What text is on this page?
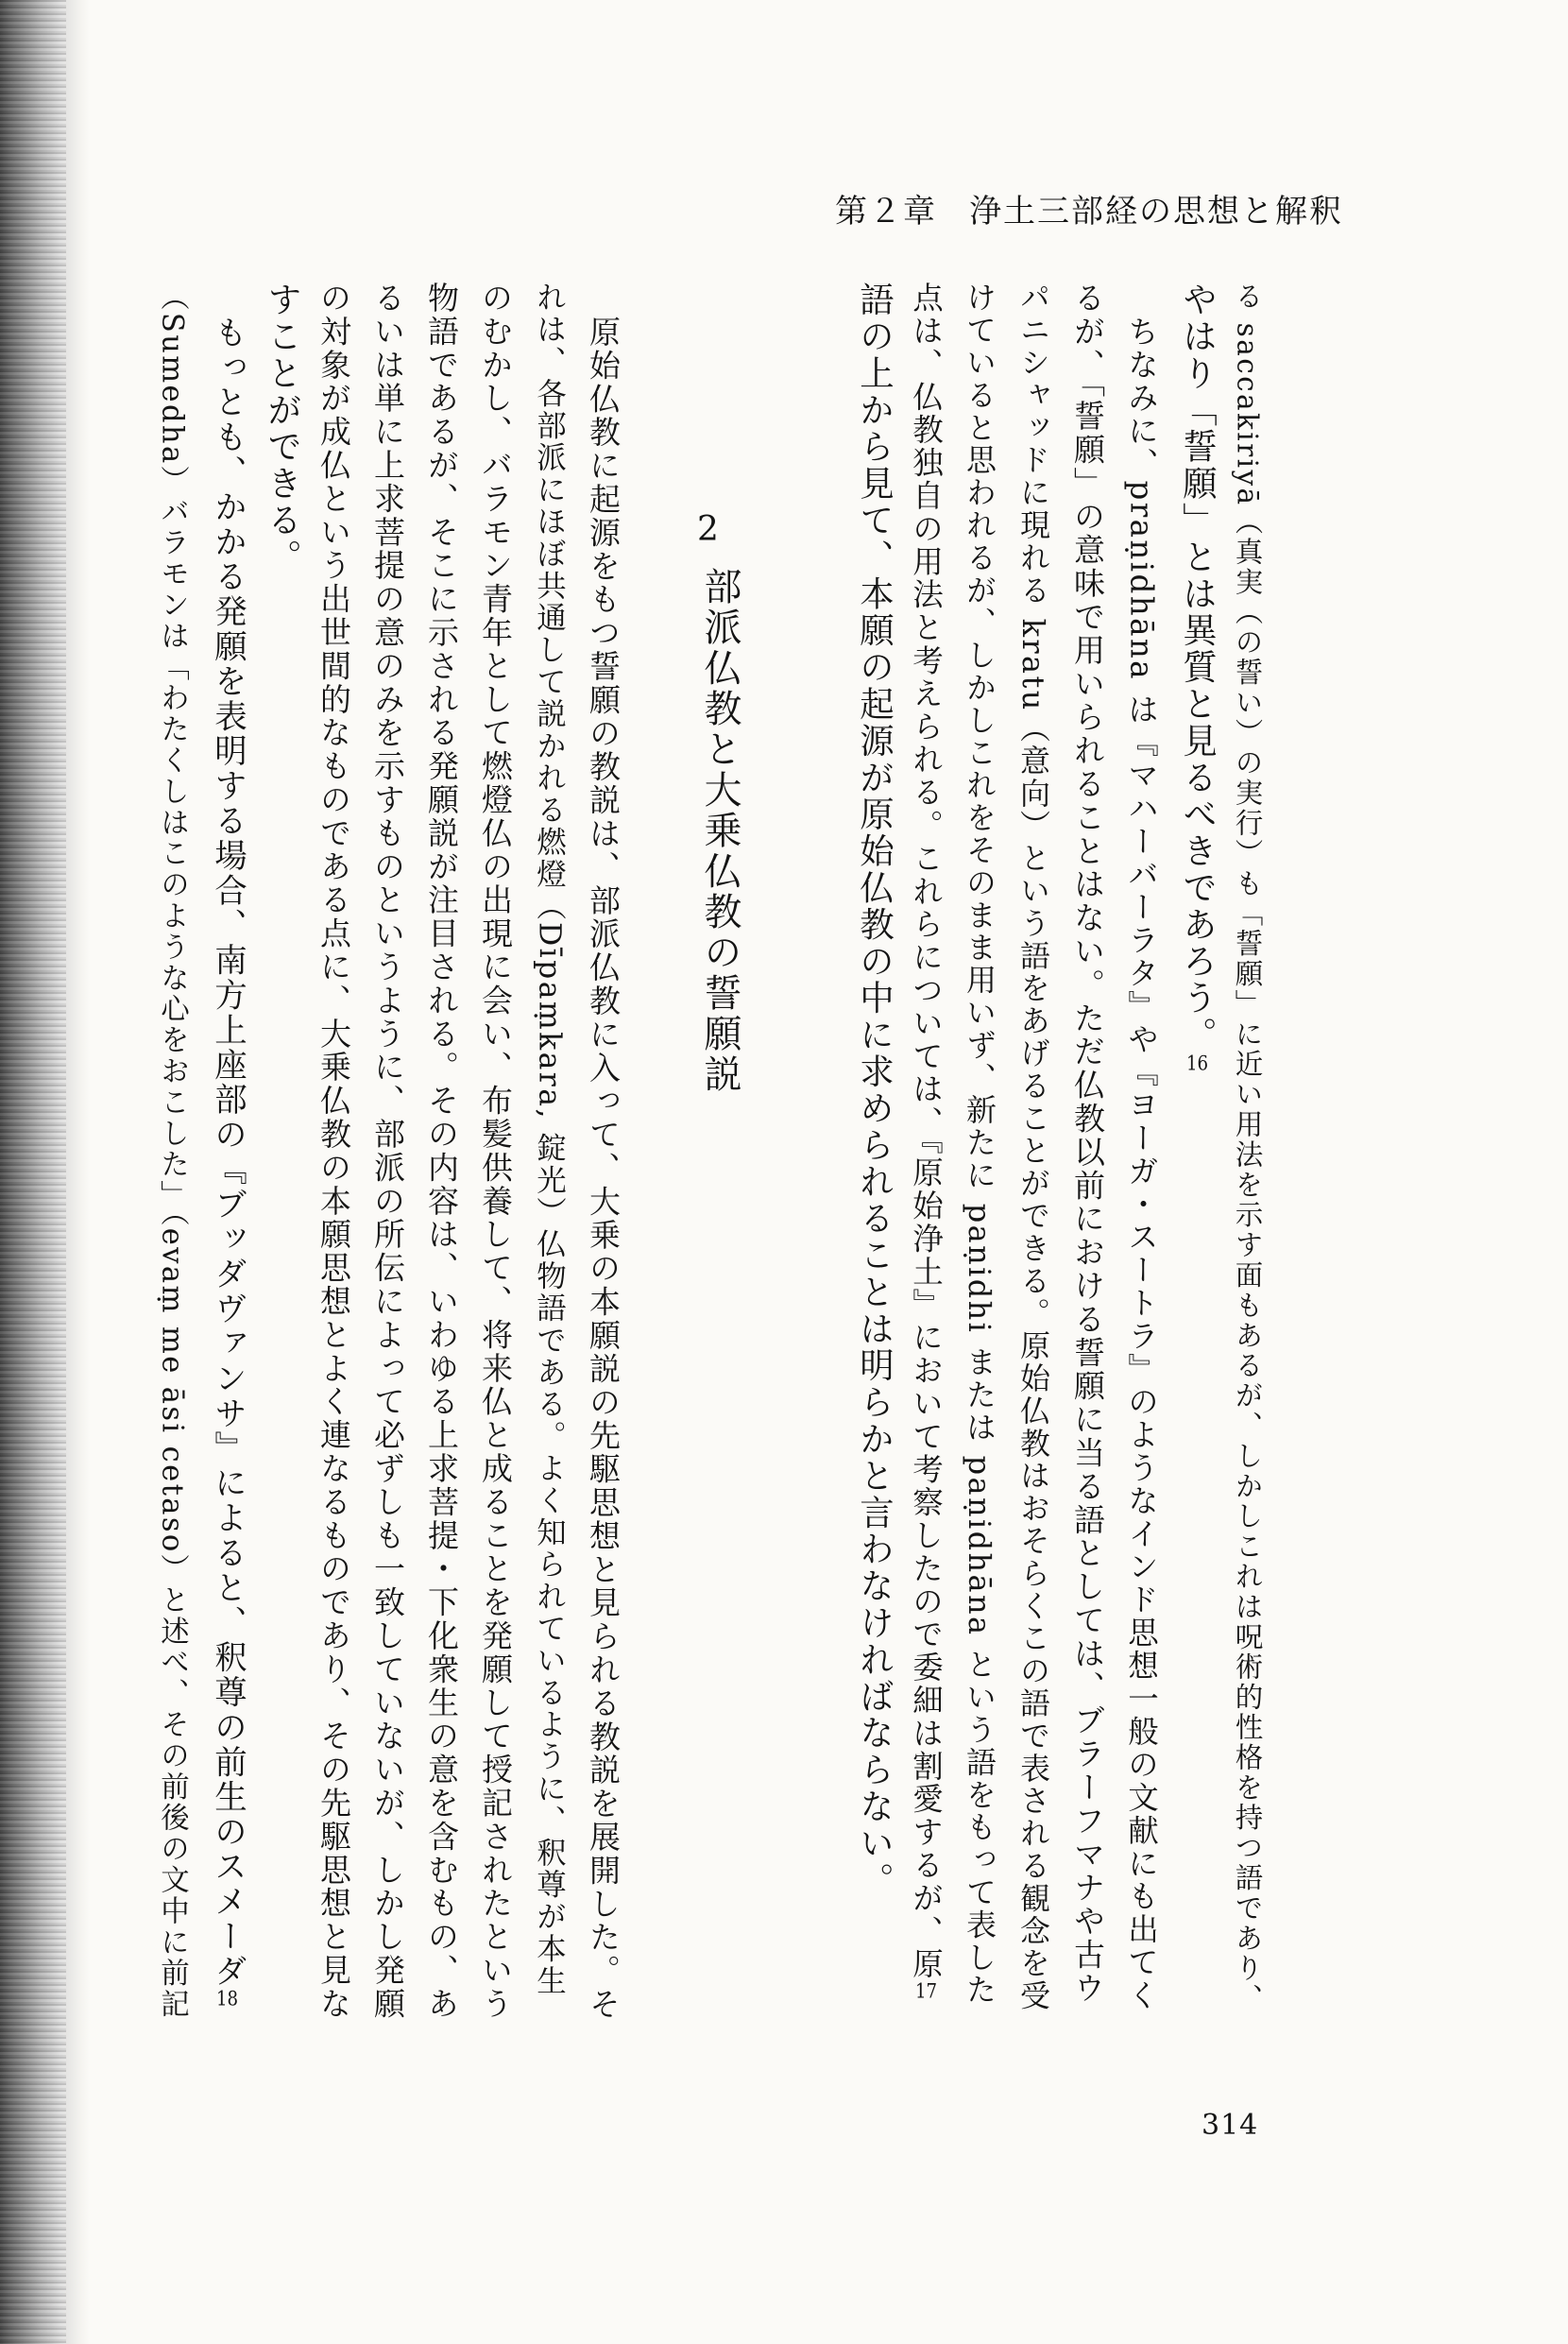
第２章 浄土三部経の思想と解釈
る saccakiriyā（真実（の誓い）の実行）も「誓願」に近い用法を示す面もあるが、しかしこれは呪術的性格を持つ語であり、
やはり「誓願」とは異質と見るべきであろう。16
ちなみに、praṇidhāna は『マハーバーラタ』や『ヨーガ・スートラ』のようなインド思想一般の文献にも出てく
るが、「誓願」の意味で用いられることはない。ただ仏教以前における誓願に当る語としては、ブラーフマナや古ウ
パニシャッドに現れる kratu（意向）という語をあげることができる。原始仏教はおそらくこの語で表される観念を受
けていると思われるが、しかしこれをそのまま用いず、新たに paṇidhi または paṇidhāna という語をもって表した
点は、仏教独自の用法と考えられる。これらについては、『原始浄土』において考察したので委細は割愛するが、原17
語の上から見て、本願の起源が原始仏教の中に求められることは明らかと言わなければならない。
2
部派仏教と大乗仏教の誓願説
原始仏教に起源をもつ誓願の教説は、部派仏教に入って、大乗の本願説の先駆思想と見られる教説を展開した。そ
れは、各部派にほぼ共通して説かれる燃燈（Dīpaṃkara, 錠光）仏物語である。よく知られているように、釈尊が本生
のむかし、バラモン青年として燃燈仏の出現に会い、布髪供養して、将来仏と成ることを発願して授記されたという
物語であるが、そこに示される発願説が注目される。その内容は、いわゆる上求菩提・下化衆生の意を含むもの、あ
るいは単に上求菩提の意のみを示すものというように、部派の所伝によって必ずしも一致していないが、しかし発願
の対象が成仏という出世間的なものである点に、大乗仏教の本願思想とよく連なるものであり、その先駆思想と見な
すことができる。
もっとも、かかる発願を表明する場合、南方上座部の『ブッダヴァンサ』によると、釈尊の前生のスメーダ18
（Sumedha）バラモンは「わたくしはこのような心をおこした」（evaṃ me āsi cetaso）と述べ、その前後の文中に前記
314
